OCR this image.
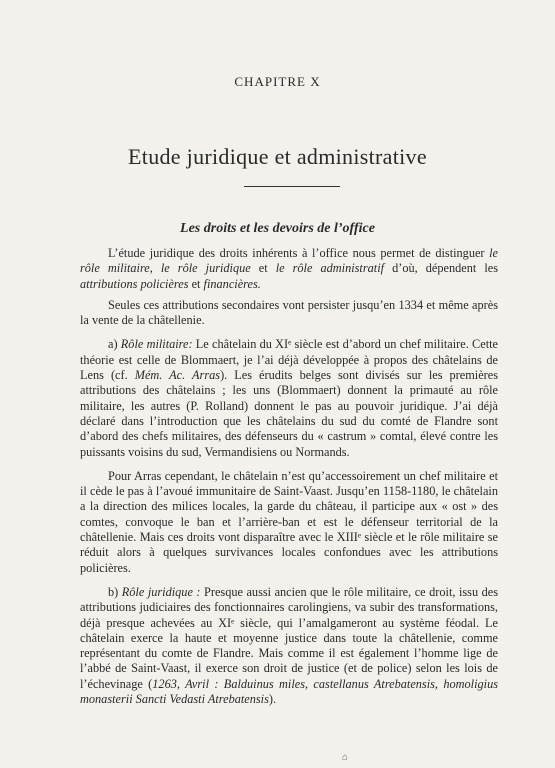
CHAPITRE X
Etude juridique et administrative
Les droits et les devoirs de l’office

L’étude juridique des droits inhérents à l’office nous permet de distinguer le rôle militaire, le rôle juridique et le rôle administratif d’où, dépendent les attributions policières et financières.

Seules ces attributions secondaires vont persister jusqu’en 1334 et même après la vente de la châtellenie.

a) Rôle militaire: Le châtelain du XIᵉ siècle est d’abord un chef militaire. Cette théorie est celle de Blommaert, je l’ai déjà développée à propos des châtelains de Lens (cf. Mém. Ac. Arras). Les érudits belges sont divisés sur les premières attributions des châtelains ; les uns (Blommaert) donnent la primauté au rôle militaire, les autres (P. Rolland) donnent le pas au pouvoir juridique. J’ai déjà déclaré dans l’introduction que les châtelains du sud du comté de Flandre sont d’abord des chefs militaires, des défenseurs du « castrum » comtal, élevé contre les puissants voisins du sud, Vermandisiens ou Normands.

Pour Arras cependant, le châtelain n’est qu’accessoirement un chef militaire et il cède le pas à l’avoué immunitaire de Saint-Vaast. Jusqu’en 1158-1180, le châtelain a la direction des milices locales, la garde du château, il participe aux « ost » des comtes, convoque le ban et l’arrière-ban et est le défenseur territorial de la châtellenie. Mais ces droits vont disparaître avec le XIIIᵉ siècle et le rôle militaire se réduit alors à quelques survivances locales confondues avec les attributions policières.

b) Rôle juridique : Presque aussi ancien que le rôle militaire, ce droit, issu des attributions judiciaires des fonctionnaires carolingiens, va subir des transformations, déjà presque achevées au XIᵉ siècle, qui l’amalgameront au système féodal. Le châtelain exerce la haute et moyenne justice dans toute la châtellenie, comme représentant du comte de Flandre. Mais comme il est également l’homme lige de l’abbé de Saint-Vaast, il exerce son droit de justice (et de police) selon les lois de l’échevinage (1263, Avril : Balduinus miles, castellanus Atrebatensis, homoligius monasterii Sancti Vedasti Atrebatensis).

⌂
